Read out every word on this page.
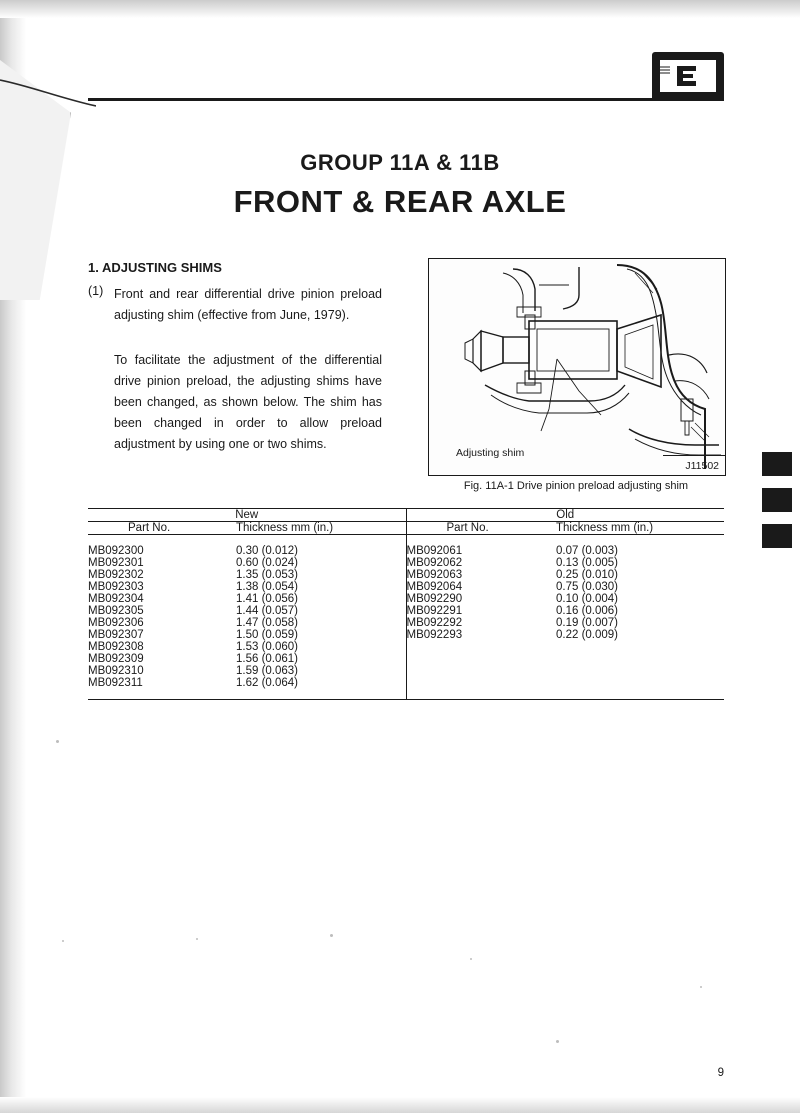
GROUP 11A & 11B
FRONT & REAR AXLE
1. ADJUSTING SHIMS
(1) Front and rear differential drive pinion preload adjusting shim (effective from June, 1979).
To facilitate the adjustment of the differential drive pinion preload, the adjusting shims have been changed, as shown below. The shim has been changed in order to allow preload adjustment by using one or two shims.
J11502
Adjusting shim
Fig. 11A-1 Drive pinion preload adjusting shim
New		Old	
Part No.	Thickness mm (in.)	Part No.	Thickness mm (in.)

MB092300	0.30 (0.012)	MB092061	0.07 (0.003)
MB092301	0.60 (0.024)	MB092062	0.13 (0.005)
MB092302	1.35 (0.053)	MB092063	0.25 (0.010)
MB092303	1.38 (0.054)	MB092064	0.75 (0.030)
MB092304	1.41 (0.056)	MB092290	0.10 (0.004)
MB092305	1.44 (0.057)	MB092291	0.16 (0.006)
MB092306	1.47 (0.058)	MB092292	0.19 (0.007)
MB092307	1.50 (0.059)	MB092293	0.22 (0.009)
MB092308	1.53 (0.060)		
MB092309	1.56 (0.061)		
MB092310	1.59 (0.063)		
MB092311	1.62 (0.064)		

9
